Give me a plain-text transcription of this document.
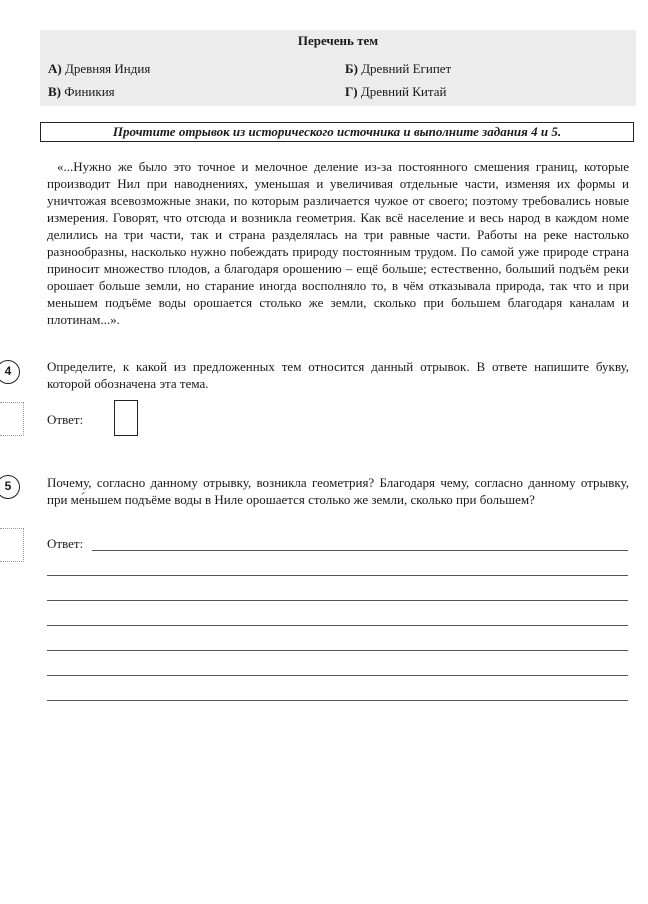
Перечень тем
А) Древняя Индия	Б) Древний Египет
В) Финикия	Г) Древний Китай
Прочтите отрывок из исторического источника и выполните задания 4 и 5.
«...Нужно же было это точное и мелочное деление из-за постоянного смешения границ, которые производит Нил при наводнениях, уменьшая и увеличивая отдельные части, изменяя их формы и уничтожая всевозможные знаки, по которым различается чужое от своего; поэтому требовались новые измерения. Говорят, что отсюда и возникла геометрия. Как всё население и весь народ в каждом номе делились на три части, так и страна разделялась на три равные части. Работы на реке настолько разнообразны, насколько нужно побеждать природу постоянным трудом. По самой уже природе страна приносит множество плодов, а благодаря орошению – ещё больше; естественно, больший подъём реки орошает больше земли, но старание иногда восполняло то, в чём отказывала природа, так что и при меньшем подъёме воды орошается столько же земли, сколько при большем благодаря каналам и плотинам...».
4	Определите, к какой из предложенных тем относится данный отрывок. В ответе напишите букву, которой обозначена эта тема.
Ответ:
5	Почему, согласно данному отрывку, возникла геометрия? Благодаря чему, согласно данному отрывку, при ме́ньшем подъёме воды в Ниле орошается столько же земли, сколько при большем?
Ответ:
